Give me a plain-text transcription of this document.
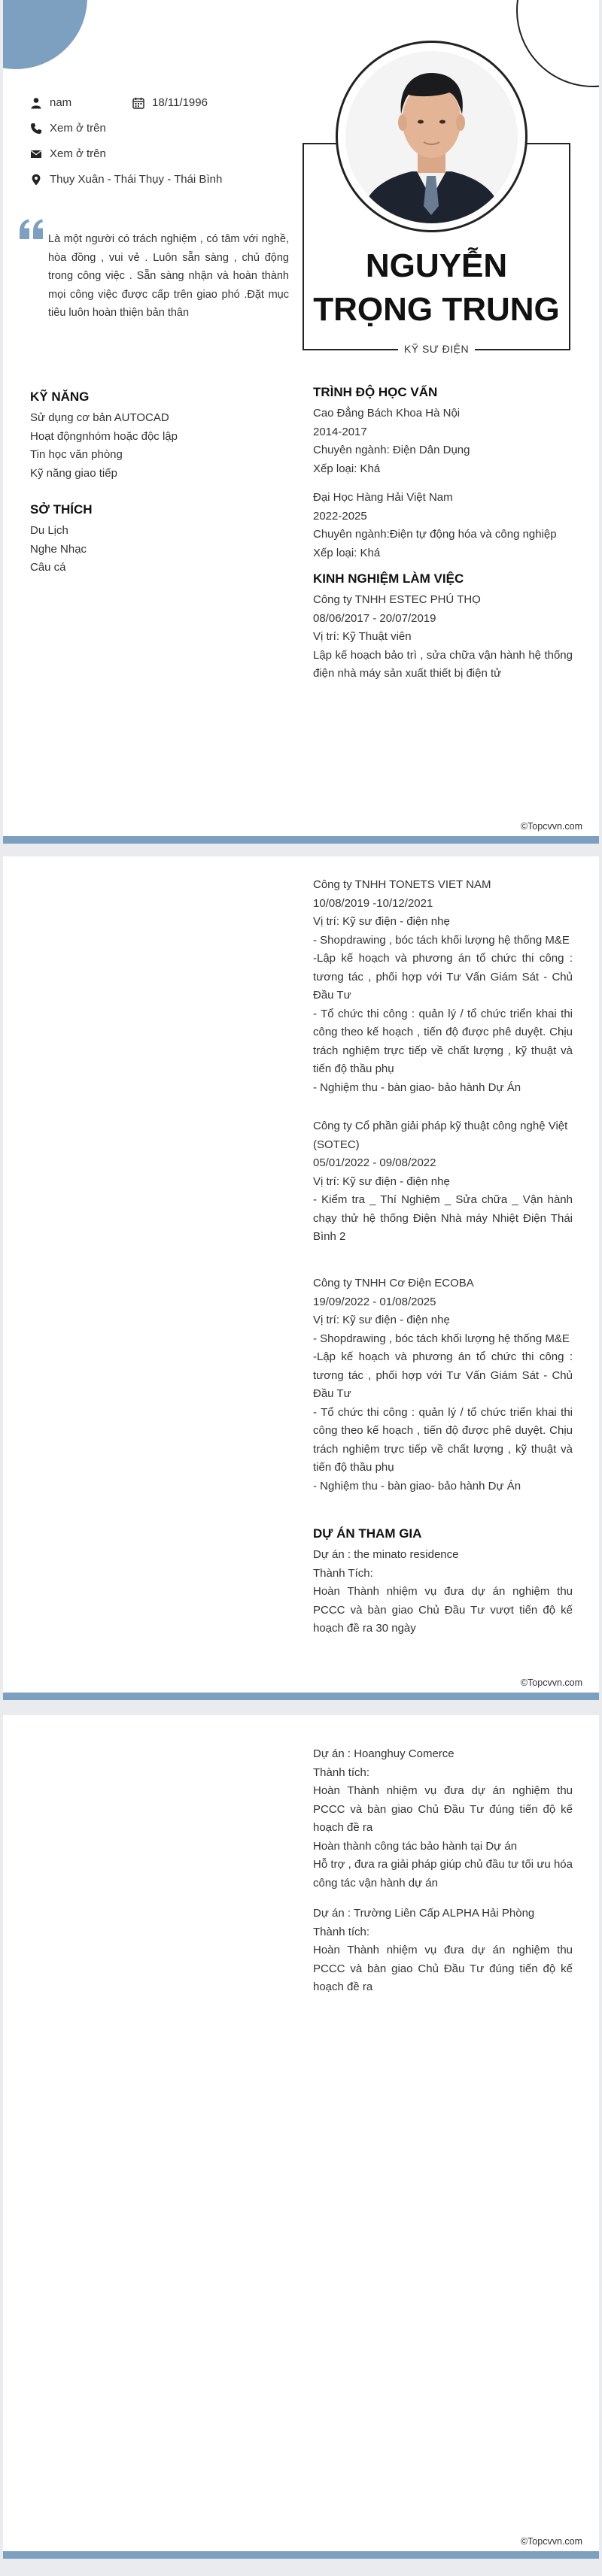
nam	18/11/1996
Xem ở trên
Xem ở trên
Thụy Xuân - Thái Thụy - Thái Bình

Là một người có trách nghiệm , có tâm với nghề, hòa đồng , vui vẻ . Luôn sẵn sàng , chủ động trong công việc . Sẵn sàng nhận và hoàn thành mọi công việc được cấp trên giao phó .Đặt mục tiêu luôn hoàn thiện bản thân

NGUYỄN
TRỌNG TRUNG

KỸ SƯ ĐIỆN
KỸ NĂNG
Sử dụng cơ bản AUTOCAD
Hoạt độngnhóm hoặc độc lập
Tin học văn phòng
Kỹ năng giao tiếp
SỞ THÍCH
Du Lịch
Nghe Nhạc
Câu cá
TRÌNH ĐỘ HỌC VẤN
Cao Đẳng Bách Khoa Hà Nội
2014-2017
Chuyên ngành: Điện Dân Dụng
Xếp loại: Khá
Đại Học Hàng Hải Việt Nam
2022-2025
Chuyên ngành:Điện tự động hóa và công nghiệp
Xếp loại: Khá
KINH NGHIỆM LÀM VIỆC
Công ty TNHH ESTEC PHÚ THỌ
08/06/2017 - 20/07/2019
Vị trí: Kỹ Thuật viên
Lập kế hoạch bảo trì , sửa chữa vận hành hệ thống điện nhà máy sản xuất thiết bị điện tử
©Topcvvn.com
Công ty TNHH TONETS VIET NAM
10/08/2019 -10/12/2021
Vị trí: Kỹ sư điện - điện nhẹ
- Shopdrawing , bóc tách khối lượng hệ thống M&E
-Lập kế hoạch và phương án tổ chức thi công : tương tác , phối hợp với Tư Vấn Giám Sát - Chủ Đầu Tư
- Tổ chức thi công : quản lý / tổ chức triển khai thi công theo kế hoạch , tiến độ được phê duyệt. Chịu trách nghiệm trực tiếp về chất lượng , kỹ thuật và tiến độ thầu phụ
- Nghiệm thu - bàn giao- bảo hành Dự Án
Công ty Cổ phần giải pháp kỹ thuật công nghệ Việt (SOTEC)
05/01/2022 - 09/08/2022
Vị trí: Kỹ sư điện - điện nhẹ
- Kiểm tra _ Thí Nghiệm _ Sửa chữa _ Vận hành chạy thử hệ thống Điện Nhà máy Nhiệt Điện Thái Bình 2
Công ty TNHH Cơ Điện ECOBA
19/09/2022 - 01/08/2025
Vị trí: Kỹ sư điện - điện nhẹ
- Shopdrawing , bóc tách khối lượng hệ thống M&E
-Lập kế hoạch và phương án tổ chức thi công : tương tác , phối hợp với Tư Vấn Giám Sát - Chủ Đầu Tư
- Tổ chức thi công : quản lý / tổ chức triển khai thi công theo kế hoạch , tiến độ được phê duyệt. Chịu trách nghiệm trực tiếp về chất lượng , kỹ thuật và tiến độ thầu phụ
- Nghiệm thu - bàn giao- bảo hành Dự Án
DỰ ÁN THAM GIA
Dự án : the minato residence
Thành Tích:
Hoàn Thành nhiệm vụ đưa dự án nghiệm thu PCCC và bàn giao Chủ Đầu Tư vượt tiến độ kế hoạch đề ra 30 ngày
©Topcvvn.com
Dự án : Hoanghuy Comerce
Thành tích:
Hoàn Thành nhiệm vụ đưa dự án nghiệm thu PCCC và bàn giao Chủ Đầu Tư đúng tiến độ kế hoạch đề ra
Hoàn thành công tác bảo hành tại Dự án
Hỗ trợ , đưa ra giải pháp giúp chủ đầu tư tối ưu hóa công tác vận hành dự án
Dự án : Trường Liên Cấp ALPHA Hải Phòng
Thành tích:
Hoàn Thành nhiệm vụ đưa dự án nghiệm thu PCCC và bàn giao Chủ Đầu Tư đúng tiến độ kế hoạch đề ra
©Topcvvn.com
